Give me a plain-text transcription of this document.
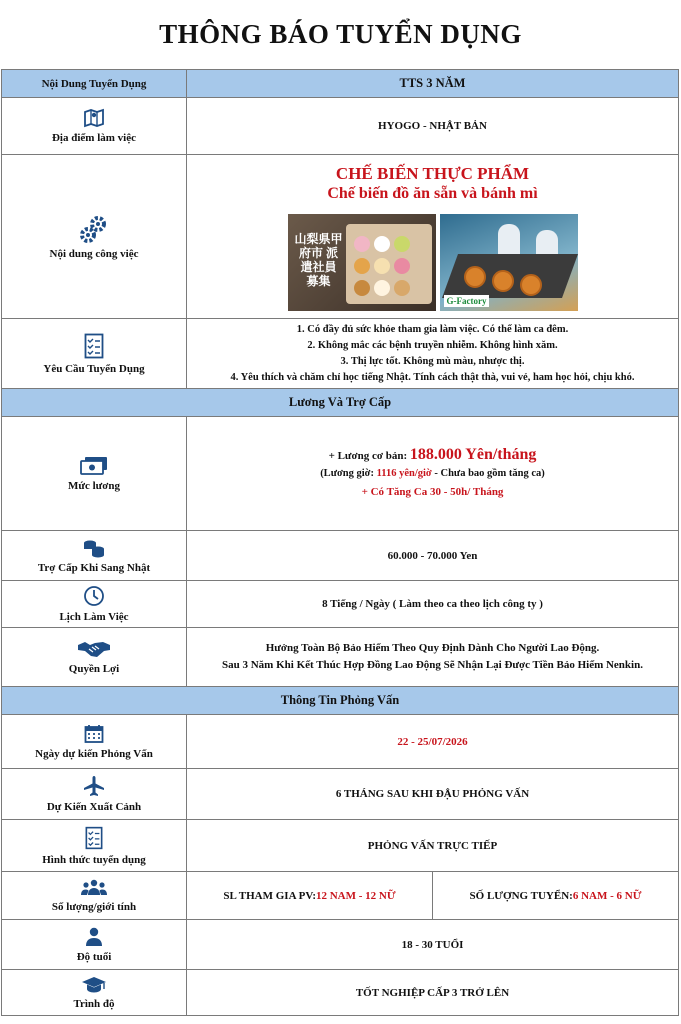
THÔNG BÁO TUYỂN DỤNG
Nội Dung Tuyển Dụng	TTS 3 NĂM
Địa điểm làm việc
HYOGO - NHẬT BẢN
Nội dung công việc
CHẾ BIẾN THỰC PHẨM
Chế biến đồ ăn sẵn và bánh mì
山梨県甲府市 派遣社員 募集
G-Factory
Yêu Cầu Tuyển Dụng
1. Có đầy đủ sức khỏe tham gia làm việc. Có thể làm ca đêm.
2. Không mắc các bệnh truyền nhiễm. Không hình xăm.
3. Thị lực tốt. Không mù màu, nhược thị.
4. Yêu thích và chăm chỉ học tiếng Nhật. Tính cách thật thà, vui vẻ, ham học hỏi, chịu khó.
Lương Và Trợ Cấp
Mức lương
+ Lương cơ bản: 188.000 Yên/tháng
(Lương giờ: 1116 yên/giờ - Chưa bao gồm tăng ca)
+ Có Tăng Ca 30 - 50h/ Tháng
Trợ Cấp Khi Sang Nhật
60.000 - 70.000 Yen
Lịch Làm Việc
8 Tiếng / Ngày ( Làm theo ca theo lịch công ty )
Quyền Lợi
Hưởng Toàn Bộ Bảo Hiểm Theo Quy Định Dành Cho Người Lao Động.
Sau 3 Năm Khi Kết Thúc Hợp Đồng Lao Động Sẽ Nhận Lại Được Tiền Bảo Hiểm Nenkin.
Thông Tin Phỏng Vấn
Ngày dự kiến Phỏng Vấn
22 - 25/07/2026
Dự Kiến Xuất Cảnh
6 THÁNG SAU KHI ĐẬU PHỎNG VẤN
Hình thức tuyển dụng
PHỎNG VẤN TRỰC TIẾP
Số lượng/giới tính
SL THAM GIA PV: 12 NAM - 12 NỮ	SỐ LƯỢNG TUYỂN: 6 NAM - 6 NỮ
Độ tuổi
18 - 30 TUỔI
Trình độ
TỐT NGHIỆP CẤP 3 TRỞ LÊN
